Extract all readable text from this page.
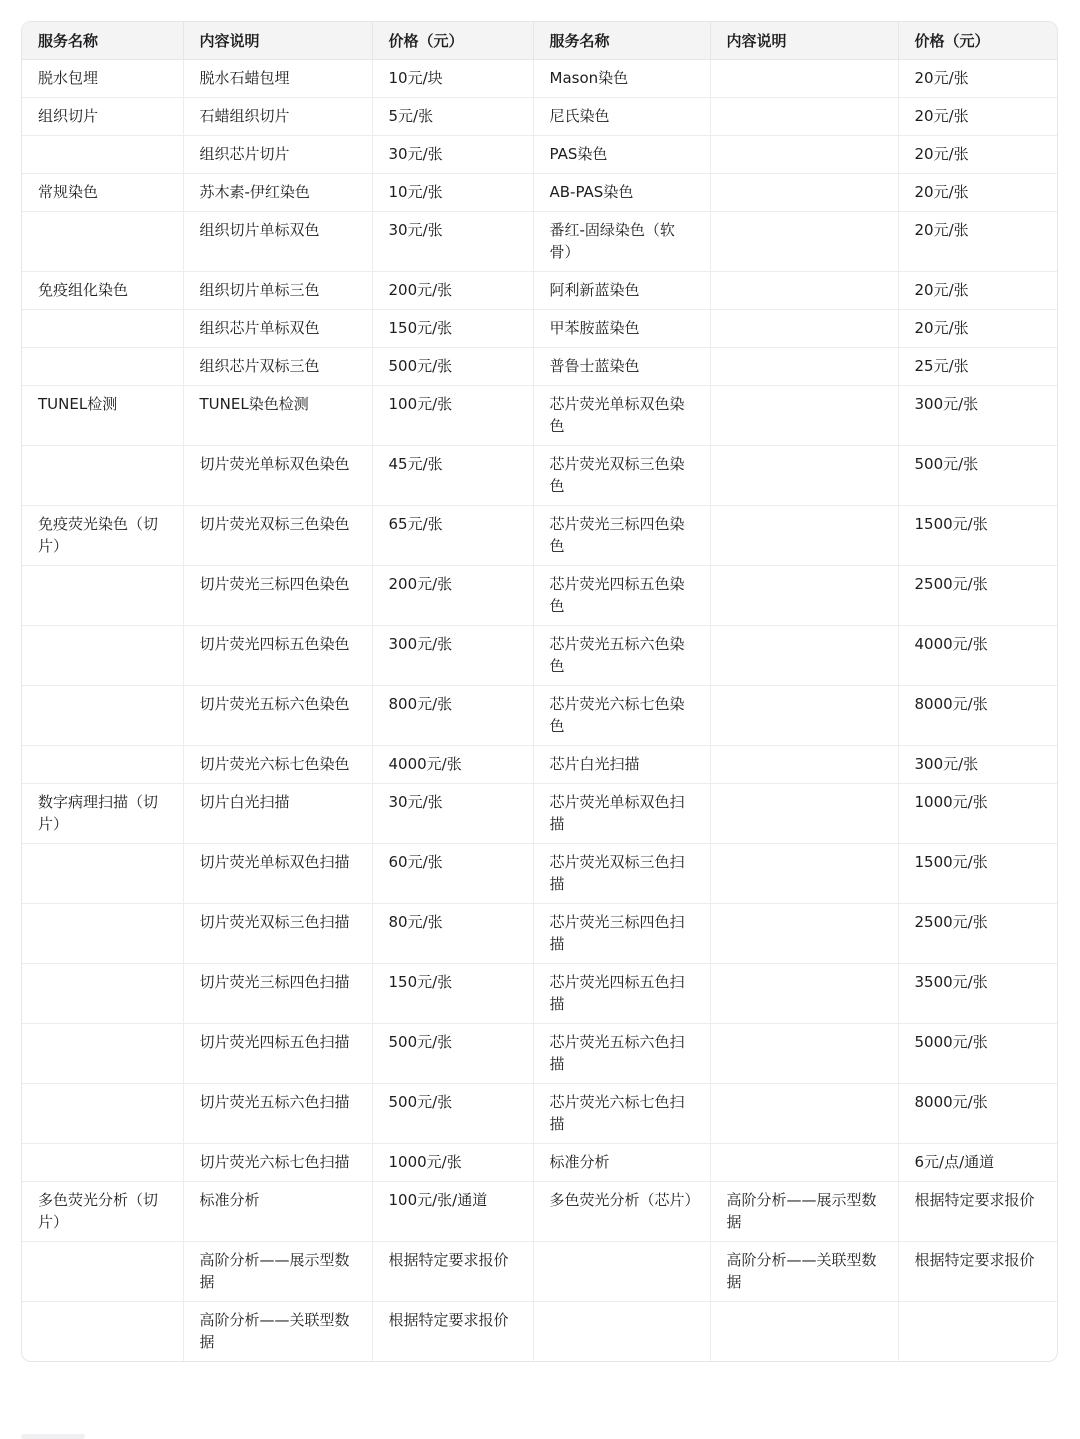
服务名称	内容说明	价格（元）	服务名称	内容说明	价格（元）
脱水包埋	脱水石蜡包埋	10元/块	Mason染色		20元/张
组织切片	石蜡组织切片	5元/张	尼氏染色		20元/张
	组织芯片切片	30元/张	PAS染色		20元/张
常规染色	苏木素-伊红染色	10元/张	AB-PAS染色		20元/张
	组织切片单标双色	30元/张	番红-固绿染色（软骨）		20元/张
免疫组化染色	组织切片单标三色	200元/张	阿利新蓝染色		20元/张
	组织芯片单标双色	150元/张	甲苯胺蓝染色		20元/张
	组织芯片双标三色	500元/张	普鲁士蓝染色		25元/张
TUNEL检测	TUNEL染色检测	100元/张	芯片荧光单标双色染色		300元/张
	切片荧光单标双色染色	45元/张	芯片荧光双标三色染色		500元/张
免疫荧光染色（切片）	切片荧光双标三色染色	65元/张	芯片荧光三标四色染色		1500元/张
	切片荧光三标四色染色	200元/张	芯片荧光四标五色染色		2500元/张
	切片荧光四标五色染色	300元/张	芯片荧光五标六色染色		4000元/张
	切片荧光五标六色染色	800元/张	芯片荧光六标七色染色		8000元/张
	切片荧光六标七色染色	4000元/张	芯片白光扫描		300元/张
数字病理扫描（切片）	切片白光扫描	30元/张	芯片荧光单标双色扫描		1000元/张
	切片荧光单标双色扫描	60元/张	芯片荧光双标三色扫描		1500元/张
	切片荧光双标三色扫描	80元/张	芯片荧光三标四色扫描		2500元/张
	切片荧光三标四色扫描	150元/张	芯片荧光四标五色扫描		3500元/张
	切片荧光四标五色扫描	500元/张	芯片荧光五标六色扫描		5000元/张
	切片荧光五标六色扫描	500元/张	芯片荧光六标七色扫描		8000元/张
	切片荧光六标七色扫描	1000元/张	标准分析		6元/点/通道
多色荧光分析（切片）	标准分析	100元/张/通道	多色荧光分析（芯片）	高阶分析——展示型数据	根据特定要求报价
	高阶分析——展示型数据	根据特定要求报价		高阶分析——关联型数据	根据特定要求报价
	高阶分析——关联型数据	根据特定要求报价			
